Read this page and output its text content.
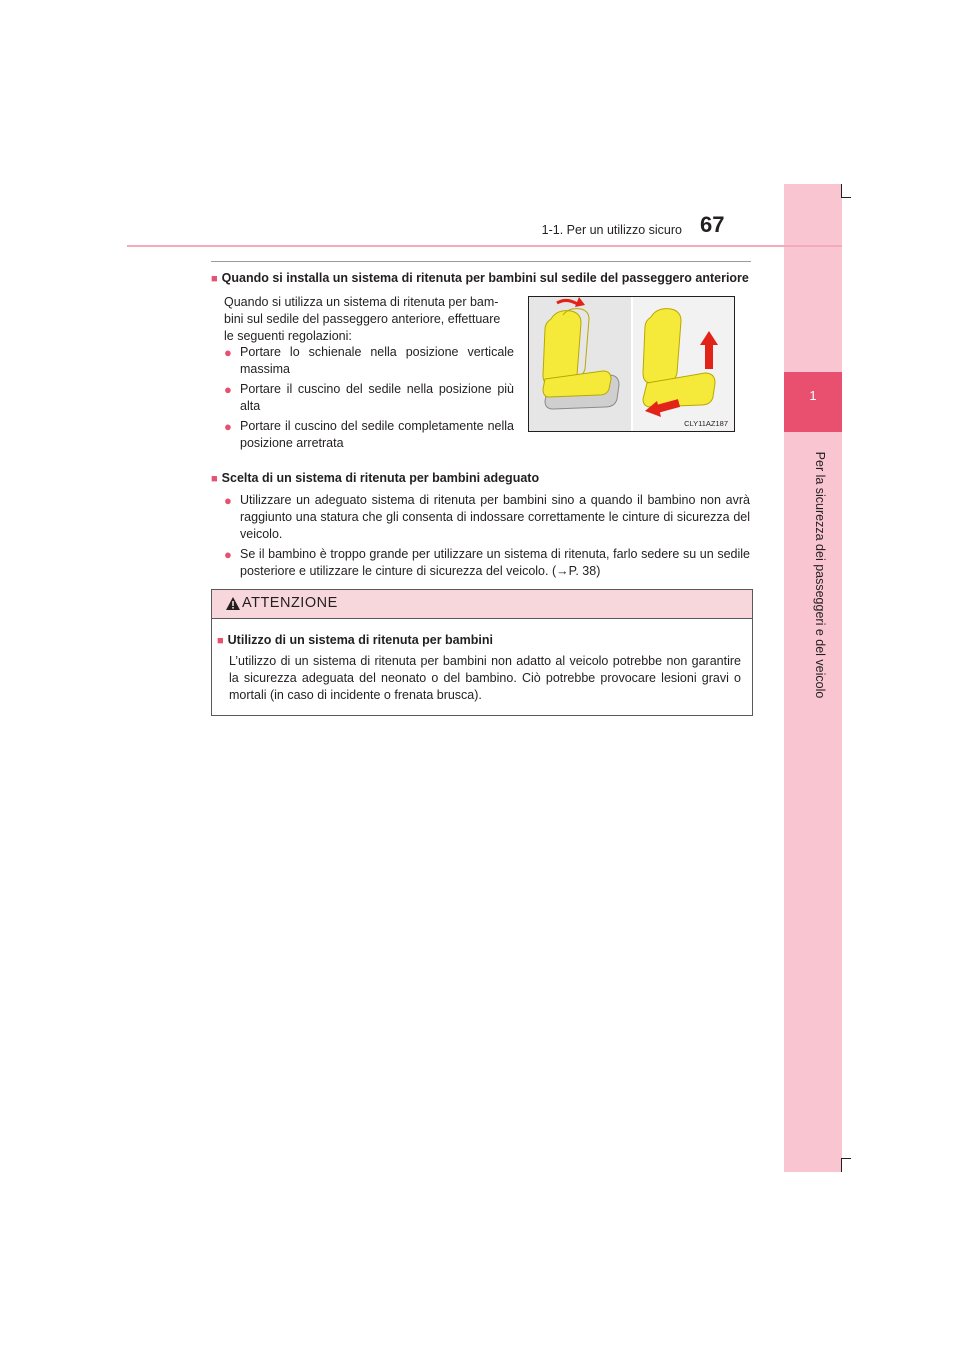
1
Per la sicurezza dei passeggeri e del veicolo
1-1. Per un utilizzo sicuro 67
■ Quando si installa un sistema di ritenuta per bambini sul sedile del passeggero anteriore
Quando si utilizza un sistema di ritenuta per bam-
bini sul sedile del passeggero anteriore, effettuare
le seguenti regolazioni:
● Portare lo schienale nella posizione verticale
massima
● Portare il cuscino del sedile nella posizione più
alta
● Portare il cuscino del sedile completamente nella
posizione arretrata
CLY11AZ187
■ Scelta di un sistema di ritenuta per bambini adeguato
● Utilizzare un adeguato sistema di ritenuta per bambini sino a quando il bambino non avrà
raggiunto una statura che gli consenta di indossare correttamente le cinture di sicurezza del
veicolo.
● Se il bambino è troppo grande per utilizzare un sistema di ritenuta, farlo sedere su un sedile
posteriore e utilizzare le cinture di sicurezza del veicolo. (→P. 38)
ATTENZIONE
■ Utilizzo di un sistema di ritenuta per bambini
L’utilizzo di un sistema di ritenuta per bambini non adatto al veicolo potrebbe non garantire
la sicurezza adeguata del neonato o del bambino. Ciò potrebbe provocare lesioni gravi o
mortali (in caso di incidente o frenata brusca).
